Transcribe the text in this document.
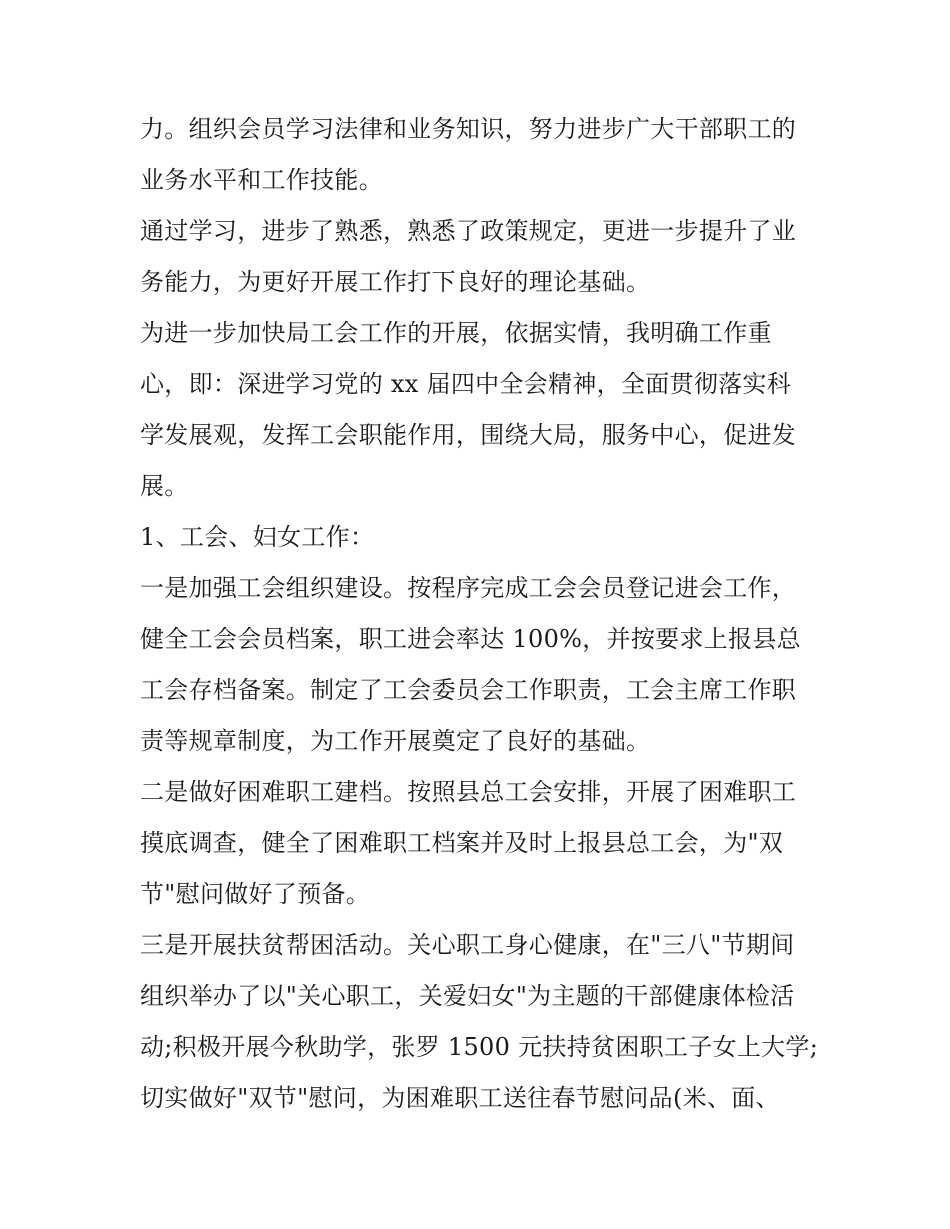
力。组织会员学习法律和业务知识，努力进步广大干部职工的

业务水平和工作技能。

通过学习，进步了熟悉，熟悉了政策规定，更进一步提升了业

务能力，为更好开展工作打下良好的理论基础。

为进一步加快局工会工作的开展，依据实情，我明确工作重

心，即：深进学习党的 xx 届四中全会精神，全面贯彻落实科

学发展观，发挥工会职能作用，围绕大局，服务中心，促进发

展。

1、工会、妇女工作：

一是加强工会组织建设。按程序完成工会会员登记进会工作，

健全工会会员档案，职工进会率达 100%，并按要求上报县总

工会存档备案。制定了工会委员会工作职责，工会主席工作职

责等规章制度，为工作开展奠定了良好的基础。

二是做好困难职工建档。按照县总工会安排，开展了困难职工

摸底调查，健全了困难职工档案并及时上报县总工会，为"双

节"慰问做好了预备。

三是开展扶贫帮困活动。关心职工身心健康，在"三八"节期间

组织举办了以"关心职工，关爱妇女"为主题的干部健康体检活

动;积极开展今秋助学，张罗 1500 元扶持贫困职工子女上大学;

切实做好"双节"慰问，为困难职工送往春节慰问品(米、面、
